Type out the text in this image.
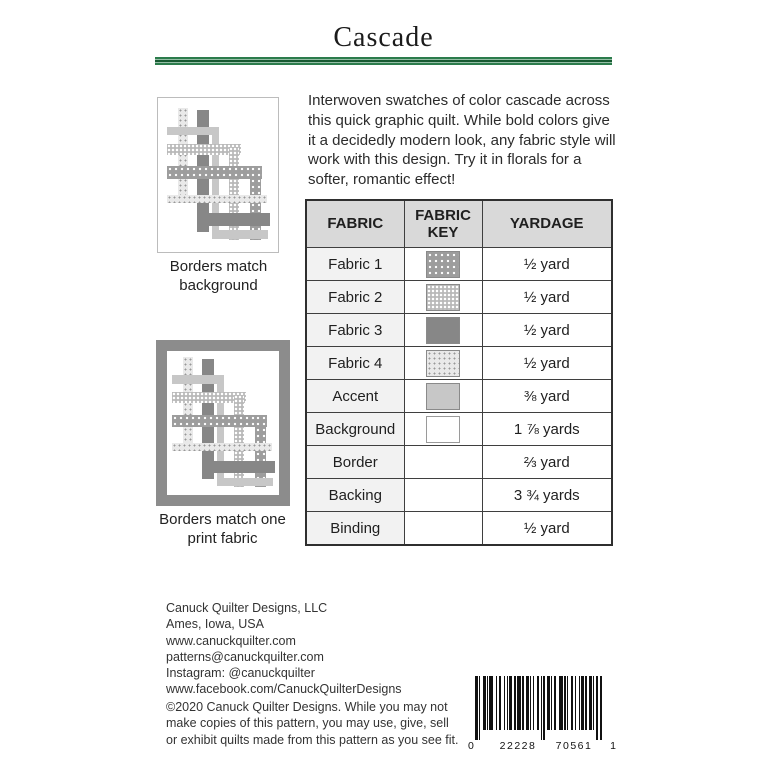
Cascade
Borders match background
Borders match one print fabric
Interwoven swatches of color cascade across this quick graphic quilt. While bold colors give it a decidedly modern look, any fabric style will work with this design. Try it in florals for a softer, romantic effect!
FABRIC	FABRIC KEY	YARDAGE
Fabric 1		½ yard
Fabric 2		½ yard
Fabric 3		½ yard
Fabric 4		½ yard
Accent		⅜ yard
Background		1 ⅞ yards
Border		⅔ yard
Backing		3 ¾ yards
Binding		½ yard
Canuck Quilter Designs, LLC
Ames, Iowa, USA
www.canuckquilter.com
patterns@canuckquilter.com
Instagram: @canuckquilter
www.facebook.com/CanuckQuilterDesigns
©2020 Canuck Quilter Designs. While you may not make copies of this pattern, you may use, give, sell or exhibit quilts made from this pattern as you see fit. 0	22228	70561	1
